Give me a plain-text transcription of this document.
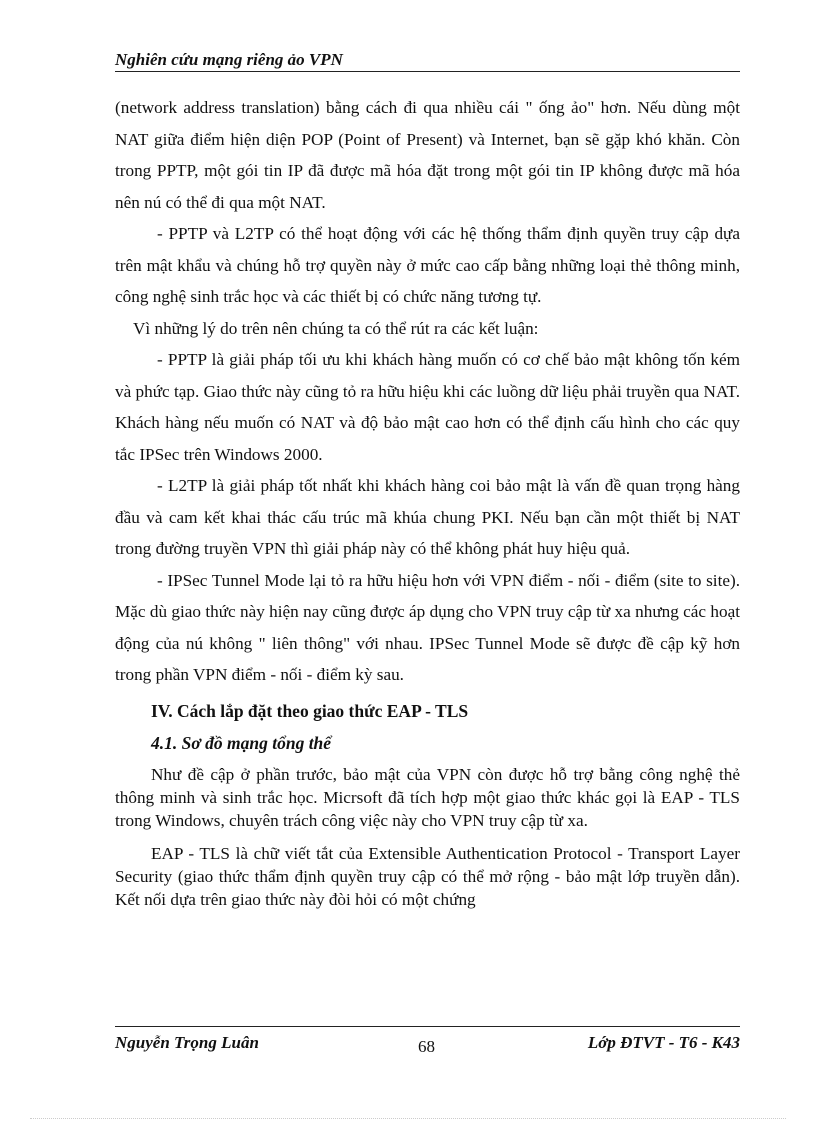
Nghiên cứu mạng riêng ảo VPN

(network address translation) bằng cách đi qua nhiều cái " ống ảo" hơn. Nếu dùng một NAT giữa điểm hiện diện POP (Point of Present) và Internet, bạn sẽ gặp khó khăn. Còn trong PPTP, một gói tin IP đã được mã hóa đặt trong một gói tin IP không được mã hóa nên nú có thể đi qua một NAT.

- PPTP và L2TP có thể hoạt động với các hệ thống thẩm định quyền truy cập dựa trên mật khẩu và chúng hỗ trợ quyền này ở mức cao cấp bằng những loại thẻ thông minh, công nghệ sinh trắc học và các thiết bị có chức năng tương tự.

Vì những lý do trên nên chúng ta có thể rút ra các kết luận:

- PPTP là giải pháp tối ưu khi khách hàng muốn có cơ chế bảo mật không tốn kém và phức tạp. Giao thức này cũng tỏ ra hữu hiệu khi các luồng dữ liệu phải truyền qua NAT. Khách hàng nếu muốn có NAT và độ bảo mật cao hơn có thể định cấu hình cho các quy tắc IPSec trên Windows 2000.

- L2TP là giải pháp tốt nhất khi khách hàng coi bảo mật là vấn đề quan trọng hàng đầu và cam kết khai thác cấu trúc mã khúa chung PKI. Nếu bạn cần một thiết bị NAT trong đường truyền VPN thì giải pháp này có thể không phát huy hiệu quả.

- IPSec Tunnel Mode lại tỏ ra hữu hiệu hơn với VPN điểm - nối - điểm (site to site). Mặc dù giao thức này hiện nay cũng được áp dụng cho VPN truy cập từ xa nhưng các hoạt động của nú không " liên thông" với nhau. IPSec Tunnel Mode sẽ được đề cập kỹ hơn trong phần VPN điểm - nối - điểm kỳ sau.

IV. Cách lắp đặt theo giao thức EAP - TLS
4.1. Sơ đồ mạng tổng thể

Như đề cập ở phần trước, bảo mật của VPN còn được hỗ trợ bằng công nghệ thẻ thông minh và sinh trắc học. Micrsoft đã tích hợp một giao thức khác gọi là EAP - TLS trong Windows, chuyên trách công việc này cho VPN truy cập từ xa.

EAP - TLS là chữ viết tắt của Extensible Authentication Protocol - Transport Layer Security (giao thức thẩm định quyền truy cập có thể mở rộng - bảo mật lớp truyền dẫn). Kết nối dựa trên giao thức này đòi hỏi có một chứng

Nguyễn Trọng Luân	68	Lớp ĐTVT - T6 - K43
